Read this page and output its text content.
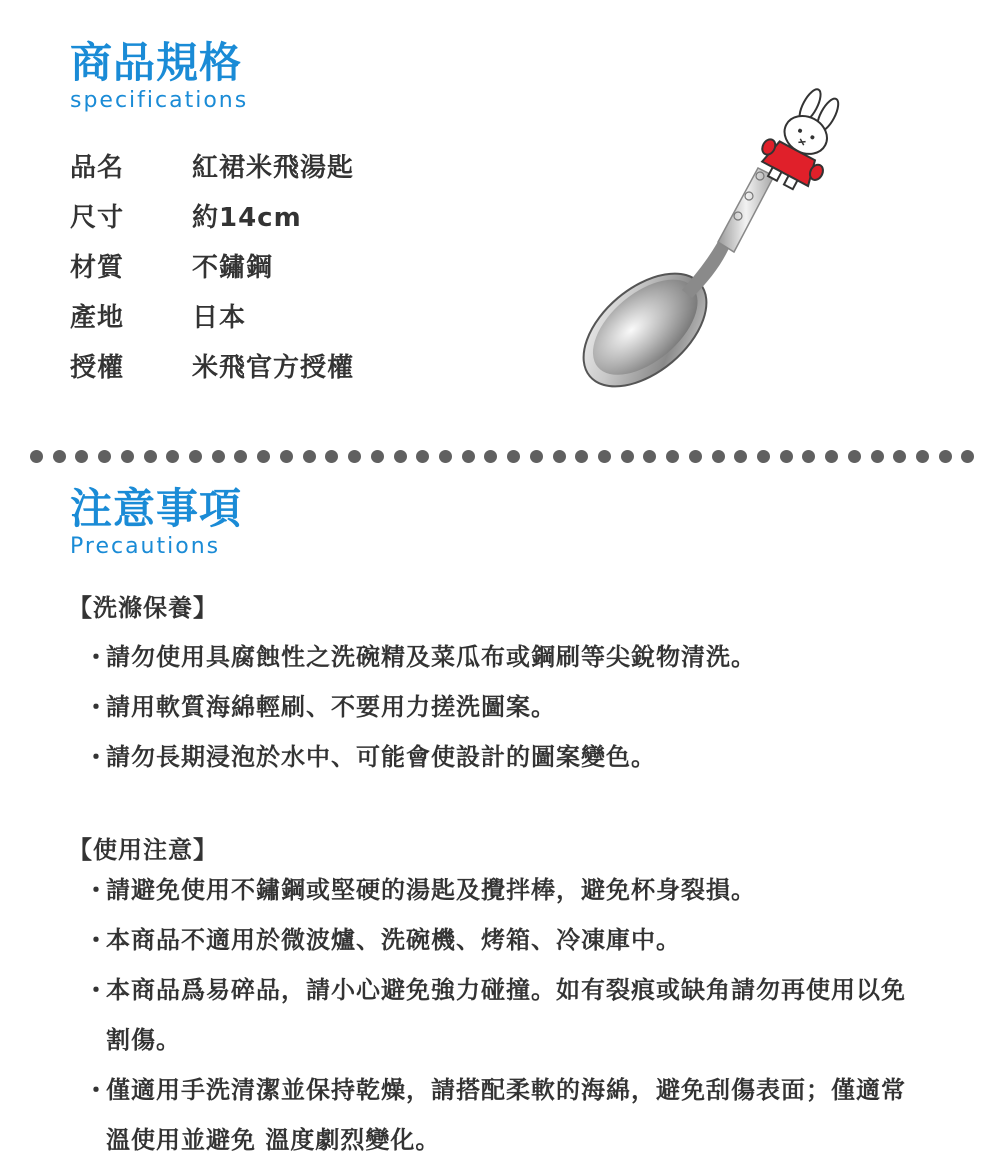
商品規格
specifications
品名	紅裙米飛湯匙
尺寸	約14cm
材質	不鏽鋼
產地	日本
授權	米飛官方授權
注意事項
Precautions
【洗滌保養】
・
請勿使用具腐蝕性之洗碗精及菜瓜布或鋼刷等尖銳物清洗。
・
請用軟質海綿輕刷、不要用力搓洗圖案。
・
請勿長期浸泡於水中、可能會使設計的圖案變色。
【使用注意】
・
請避免使用不鏽鋼或堅硬的湯匙及攪拌棒，避免杯身裂損。
・
本商品不適用於微波爐、洗碗機、烤箱、冷凍庫中。
・
本商品爲易碎品，請小心避免強力碰撞。如有裂痕或缺角請勿再使用以免割傷。
・
僅適用手洗清潔並保持乾燥，請搭配柔軟的海綿，避免刮傷表面；僅適常溫使用並避免 溫度劇烈變化。
